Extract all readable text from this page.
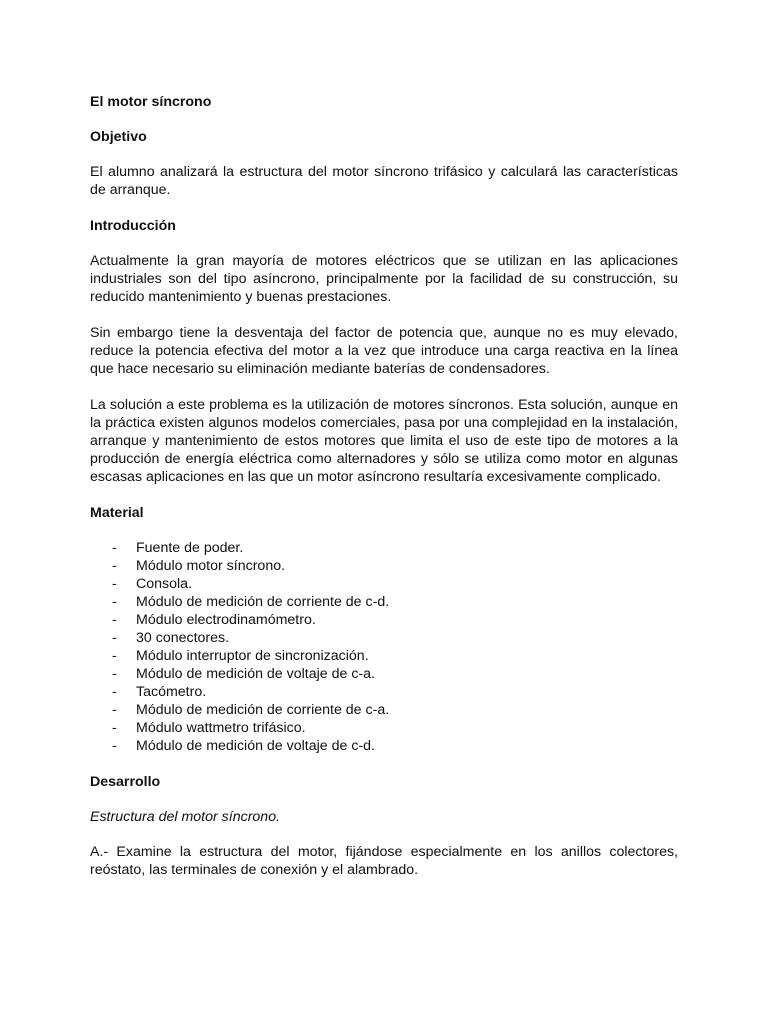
El motor síncrono
Objetivo
El alumno analizará la estructura del motor síncrono trifásico y calculará las características de arranque.
Introducción
Actualmente la gran mayoría de motores eléctricos que se utilizan en las aplicaciones industriales son del tipo asíncrono, principalmente por la facilidad de su construcción, su reducido mantenimiento y buenas prestaciones.
Sin embargo tiene la desventaja del factor de potencia que, aunque no es muy elevado, reduce la potencia efectiva del motor a la vez que introduce una carga reactiva en la línea que hace necesario su eliminación mediante baterías de condensadores.
La solución a este problema es la utilización de motores síncronos. Esta solución, aunque en la práctica existen algunos modelos comerciales, pasa por una complejidad en la instalación, arranque y mantenimiento de estos motores que limita el uso de este tipo de motores a la producción de energía eléctrica como alternadores y sólo se utiliza como motor en algunas escasas aplicaciones en las que un motor asíncrono resultaría excesivamente complicado.
Material
- Fuente de poder.
- Módulo motor síncrono.
- Consola.
- Módulo de medición de corriente de c-d.
- Módulo electrodinamómetro.
- 30 conectores.
- Módulo interruptor de sincronización.
- Módulo de medición de voltaje de c-a.
- Tacómetro.
- Módulo de medición de corriente de c-a.
- Módulo wattmetro trifásico.
- Módulo de medición de voltaje de c-d.
Desarrollo
Estructura del motor síncrono.
A.- Examine la estructura del motor, fijándose especialmente en los anillos colectores, reóstato, las terminales de conexión y el alambrado.
